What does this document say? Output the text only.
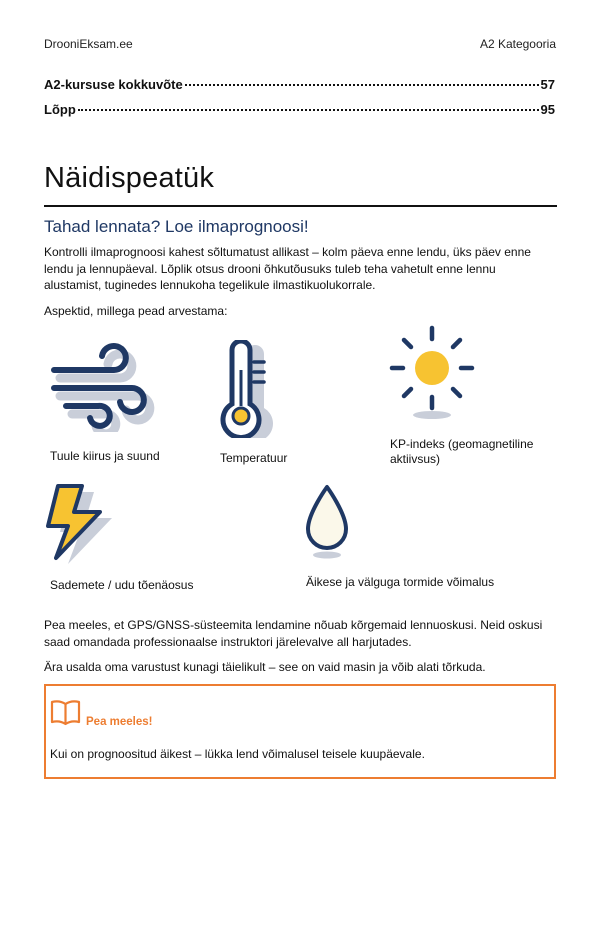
DrooniEksam.ee	A2 Kategooria
A2-kursuse kokkuvõte	57
Lõpp	95
Näidispeatük
Tahad lennata? Loe ilmaprognoosi!
Kontrolli ilmaprognoosi kahest sõltumatust allikast – kolm päeva enne lendu, üks päev enne
lendu ja lennupäeval. Lõplik otsus drooni õhkutõusuks tuleb teha vahetult enne lennu
alustamist, tuginedes lennukoha tegelikule ilmastikuolukorrale.
Aspektid, millega pead arvestama:
Tuule kiirus ja suund	Temperatuur
KP-indeks (geomagnetiline
aktiivsus)
Sademete / udu tõenäosus	Äikese ja välguga tormide võimalus
Pea meeles, et GPS/GNSS-süsteemita lendamine nõuab kõrgemaid lennuoskusi. Neid oskusi
saad omandada professionaalse instruktori järelevalve all harjutades.
Ära usalda oma varustust kunagi täielikult – see on vaid masin ja võib alati tõrkuda.
Pea meeles!
Kui on prognoositud äikest – lükka lend võimalusel teisele kuupäevale.
